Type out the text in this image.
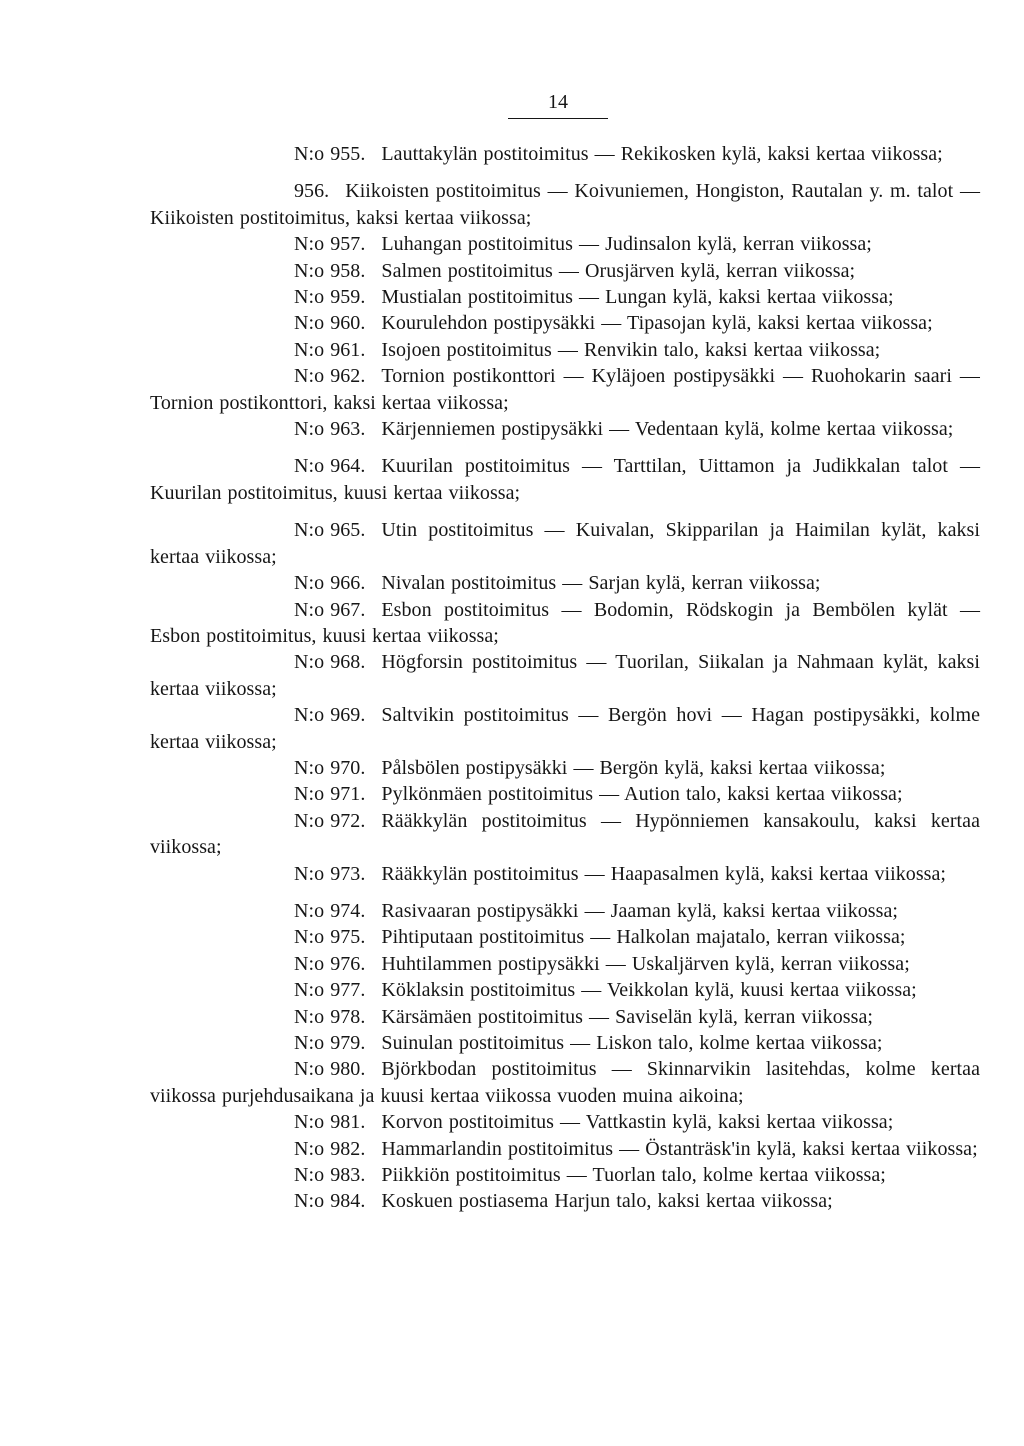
14

N:o 955. Lauttakylän postitoimitus — Rekikosken kylä, kaksi kertaa viikossa;

956. Kiikoisten postitoimitus — Koivuniemen, Hongiston, Rautalan y. m. talot — Kiikoisten postitoimitus, kaksi kertaa viikossa;

N:o 957. Luhangan postitoimitus — Judinsalon kylä, kerran viikossa;

N:o 958. Salmen postitoimitus — Orusjärven kylä, kerran viikossa;

N:o 959. Mustialan postitoimitus — Lungan kylä, kaksi kertaa viikossa;

N:o 960. Kourulehdon postipysäkki — Tipasojan kylä, kaksi kertaa viikossa;

N:o 961. Isojoen postitoimitus — Renvikin talo, kaksi kertaa viikossa;

N:o 962. Tornion postikonttori — Kyläjoen postipysäkki — Ruohokarin saari — Tornion postikonttori, kaksi kertaa viikossa;

N:o 963. Kärjenniemen postipysäkki — Vedentaan kylä, kolme kertaa viikossa;

N:o 964. Kuurilan postitoimitus — Tarttilan, Uittamon ja Judikkalan talot — Kuurilan postitoimitus, kuusi kertaa viikossa;

N:o 965. Utin postitoimitus — Kuivalan, Skipparilan ja Haimilan kylät, kaksi kertaa viikossa;

N:o 966. Nivalan postitoimitus — Sarjan kylä, kerran viikossa;

N:o 967. Esbon postitoimitus — Bodomin, Rödskogin ja Bembölen kylät — Esbon postitoimitus, kuusi kertaa viikossa;

N:o 968. Högforsin postitoimitus — Tuorilan, Siikalan ja Nahmaan kylät, kaksi kertaa viikossa;

N:o 969. Saltvikin postitoimitus — Bergön hovi — Hagan postipysäkki, kolme kertaa viikossa;

N:o 970. Pålsbölen postipysäkki — Bergön kylä, kaksi kertaa viikossa;

N:o 971. Pylkönmäen postitoimitus — Aution talo, kaksi kertaa viikossa;

N:o 972. Rääkkylän postitoimitus — Hypönniemen kansakoulu, kaksi kertaa viikossa;

N:o 973. Rääkkylän postitoimitus — Haapasalmen kylä, kaksi kertaa viikossa;

N:o 974. Rasivaaran postipysäkki — Jaaman kylä, kaksi kertaa viikossa;

N:o 975. Pihtiputaan postitoimitus — Halkolan majatalo, kerran viikossa;

N:o 976. Huhtilammen postipysäkki — Uskaljärven kylä, kerran viikossa;

N:o 977. Köklaksin postitoimitus — Veikkolan kylä, kuusi kertaa viikossa;

N:o 978. Kärsämäen postitoimitus — Saviselän kylä, kerran viikossa;

N:o 979. Suinulan postitoimitus — Liskon talo, kolme kertaa viikossa;

N:o 980. Björkbodan postitoimitus — Skinnarvikin lasitehdas, kolme kertaa viikossa purjehdusaikana ja kuusi kertaa viikossa vuoden muina aikoina;

N:o 981. Korvon postitoimitus — Vattkastin kylä, kaksi kertaa viikossa;

N:o 982. Hammarlandin postitoimitus — Östanträsk'in kylä, kaksi kertaa viikossa;

N:o 983. Piikkiön postitoimitus — Tuorlan talo, kolme kertaa viikossa;

N:o 984. Koskuen postiasema Harjun talo, kaksi kertaa viikossa;
